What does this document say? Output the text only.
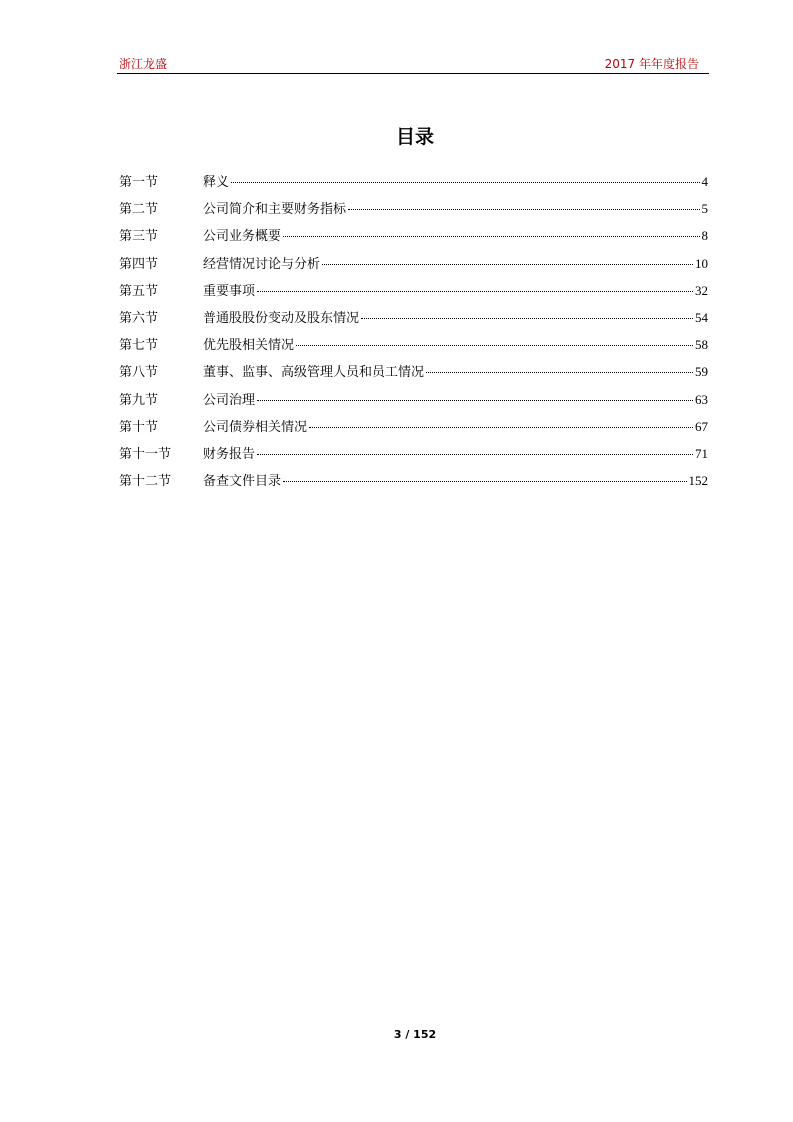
浙江龙盛	2017 年年度报告
目录
第一节	释义	4
第二节	公司简介和主要财务指标	5
第三节	公司业务概要	8
第四节	经营情况讨论与分析	10
第五节	重要事项	32
第六节	普通股股份变动及股东情况	54
第七节	优先股相关情况	58
第八节	董事、监事、高级管理人员和员工情况	59
第九节	公司治理	63
第十节	公司债券相关情况	67
第十一节	财务报告	71
第十二节	备查文件目录	152
3 / 152
